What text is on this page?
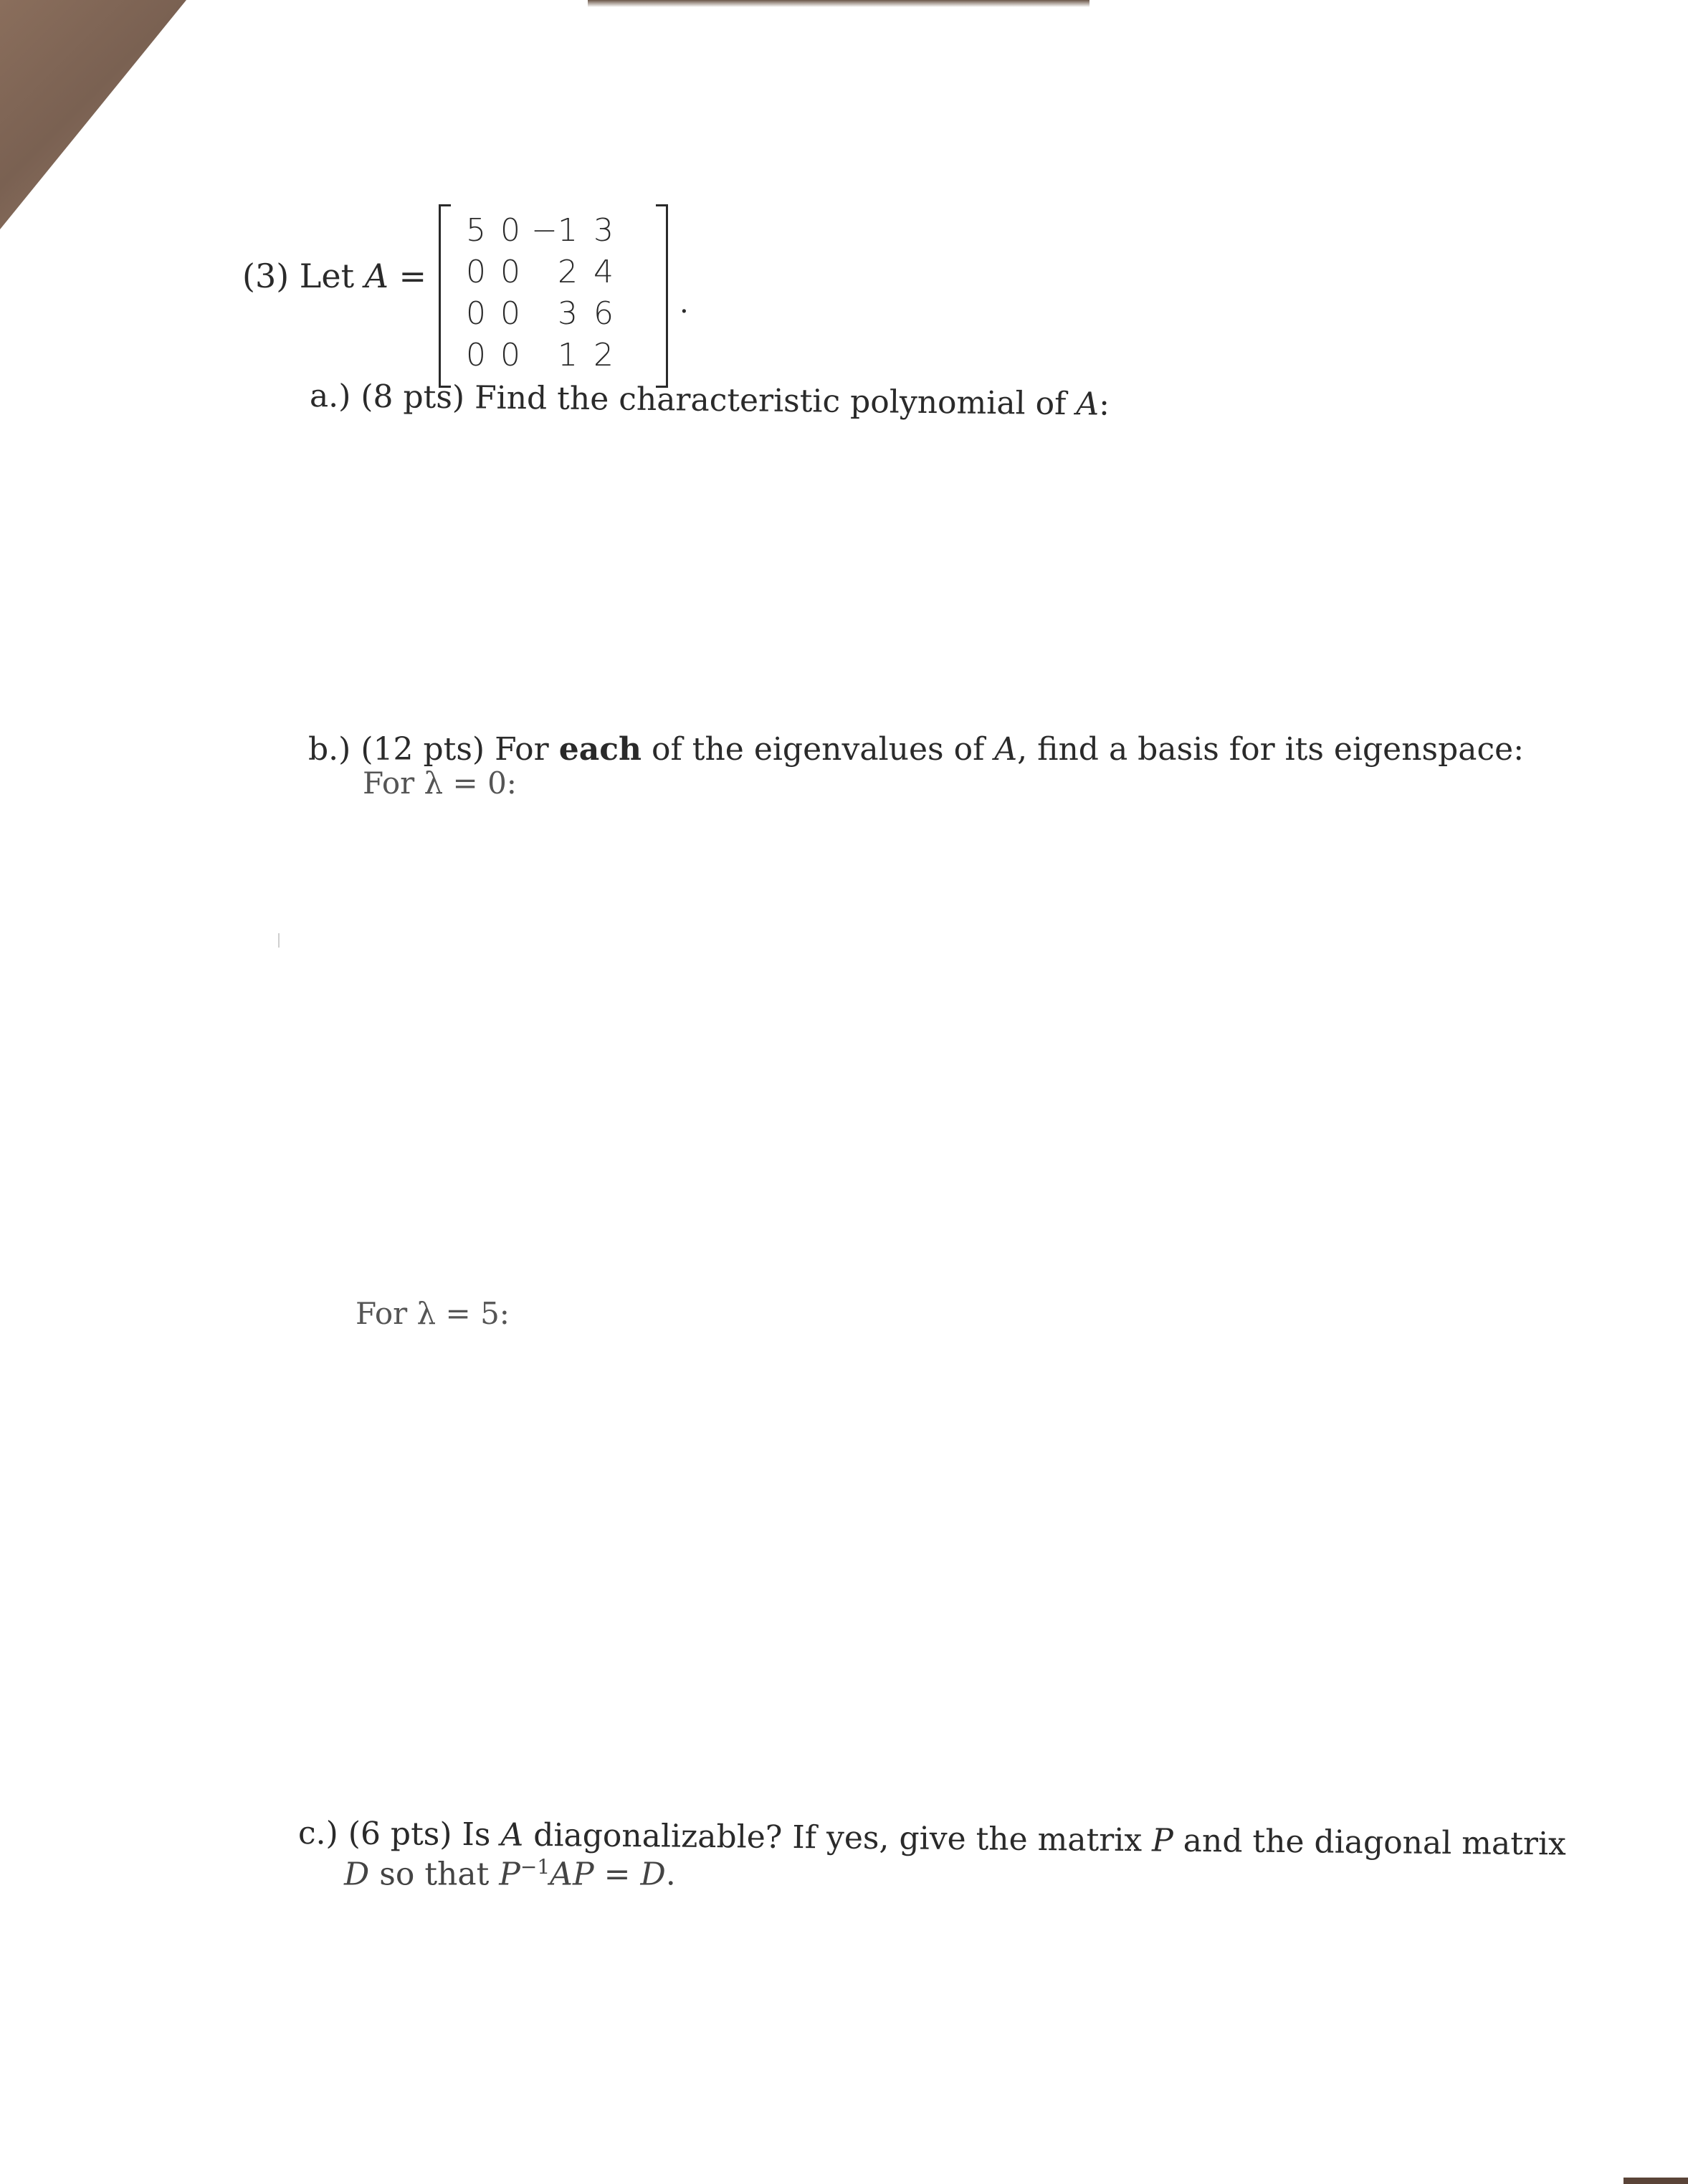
(3) Let A =
5 0 −1 3
0 0	2 4
0 0	3 6
0 0	1 2
.
a.) (8 pts) Find the characteristic polynomial of A:
b.) (12 pts) For each of the eigenvalues of A, find a basis for its eigenspace:
For λ = 0:
For λ = 5:
c.) (6 pts) Is A diagonalizable? If yes, give the matrix P and the diagonal matrix
D so that $P^{-1}AP = D$.
